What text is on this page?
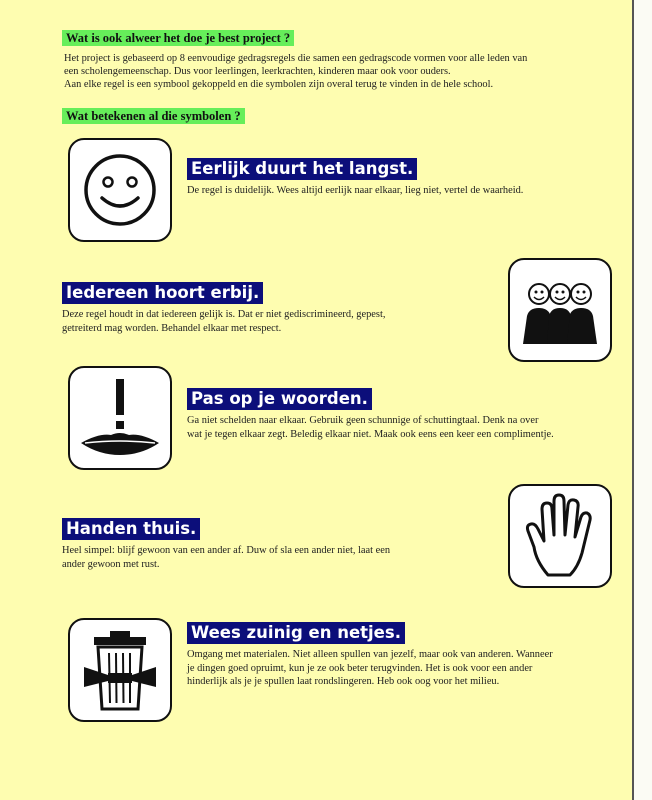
Wat is ook alweer het doe je best project ?

Het project is gebaseerd op 8 eenvoudige gedragsregels die samen een gedragscode vormen voor alle leden van

een scholengemeenschap. Dus voor leerlingen, leerkrachten, kinderen maar ook voor ouders.

Aan elke regel is een symbool gekoppeld en die symbolen zijn overal terug te vinden in de hele school.

Wat betekenen al die symbolen ?
Eerlijk duurt het langst.
De regel is duidelijk. Wees altijd eerlijk naar elkaar, lieg niet, vertel de waarheid.
Iedereen hoort erbij.
Deze regel houdt in dat iedereen gelijk is. Dat er niet gediscrimineerd, gepest,
getreiterd mag worden. Behandel elkaar met respect.
Pas op je woorden.
Ga niet schelden naar elkaar. Gebruik geen schunnige of schuttingtaal. Denk na over
wat je tegen elkaar zegt. Beledig elkaar niet. Maak ook eens een keer een complimentje.
Handen thuis.
Heel simpel: blijf gewoon van een ander af. Duw of sla een ander niet, laat een
ander gewoon met rust.
Wees zuinig en netjes.
Omgang met materialen. Niet alleen spullen van jezelf, maar ook van anderen. Wanneer
je dingen goed opruimt, kun je ze ook beter terugvinden. Het is ook voor een ander
hinderlijk als je je spullen laat rondslingeren. Heb ook oog voor het milieu.
